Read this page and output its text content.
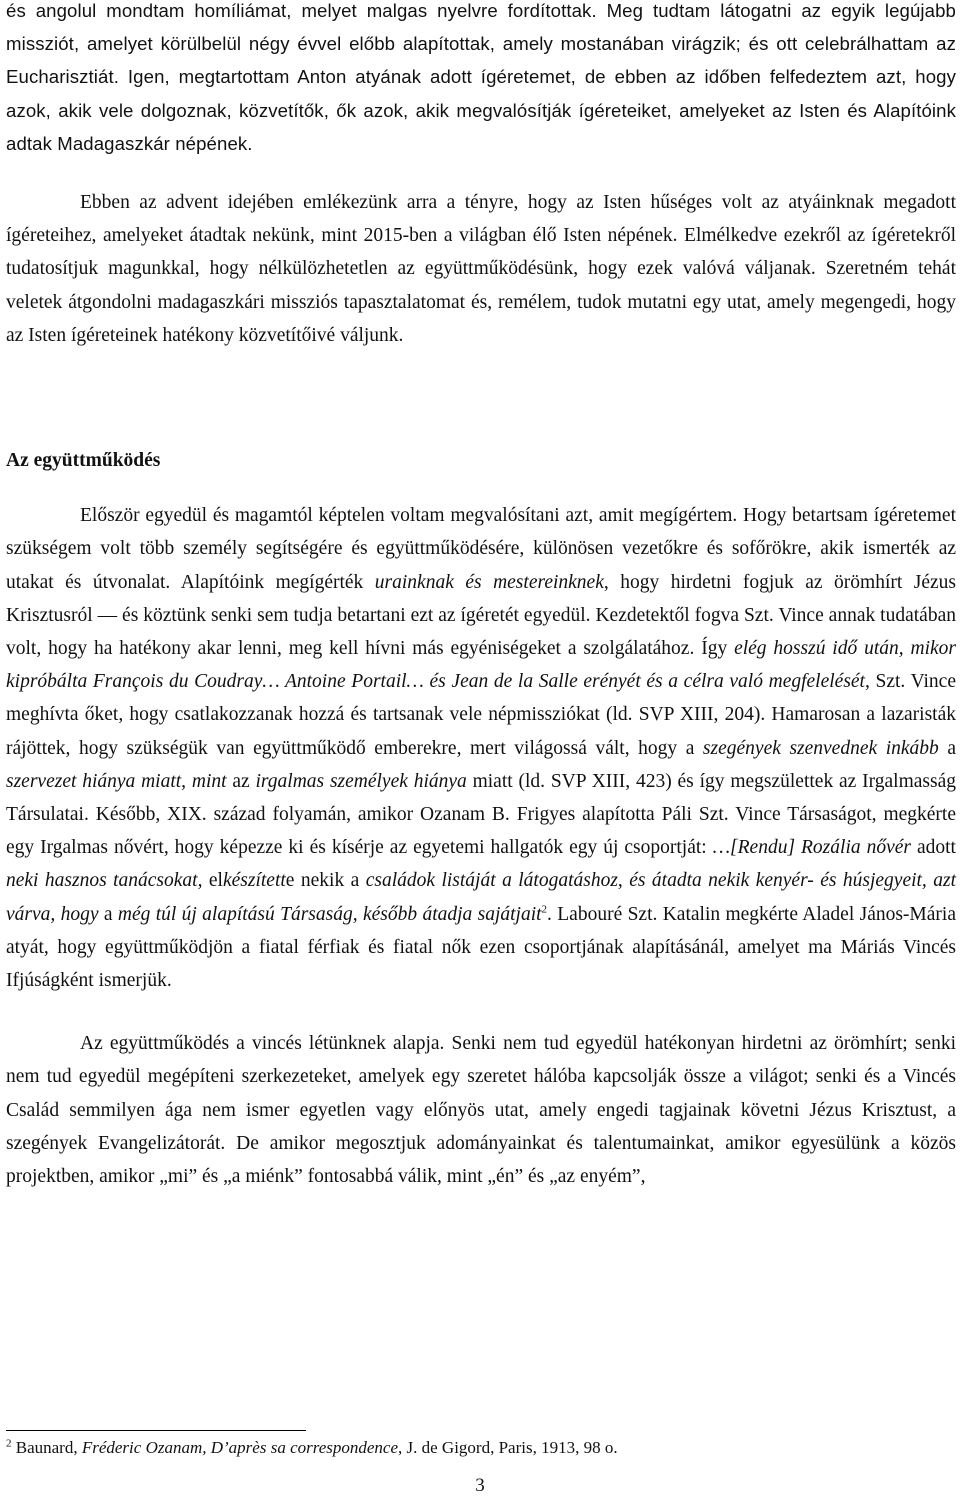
és angolul mondtam homíliámat, melyet malgas nyelvre fordítottak. Meg tudtam látogatni az egyik legújabb missziót, amelyet körülbelül négy évvel előbb alapítottak, amely mostanában virágzik; és ott celebrálhattam az Eucharisztiát. Igen, megtartottam Anton atyának adott ígéretemet, de ebben az időben felfedeztem azt, hogy azok, akik vele dolgoznak, közvetítők, ők azok, akik megvalósítják ígéreteiket, amelyeket az Isten és Alapítóink adtak Madagaszkár népének.

Ebben az advent idejében emlékezünk arra a tényre, hogy az Isten hűséges volt az atyáinknak megadott ígéreteihez, amelyeket átadtak nekünk, mint 2015-ben a világban élő Isten népének. Elmélkedve ezekről az ígéretekről tudatosítjuk magunkkal, hogy nélkülözhetetlen az együttműködésünk, hogy ezek valóvá váljanak. Szeretném tehát veletek átgondolni madagaszkári missziós tapasztalatomat és, remélem, tudok mutatni egy utat, amely megengedi, hogy az Isten ígéreteinek hatékony közvetítőivé váljunk.

Az együttműködés

Először egyedül és magamtól képtelen voltam megvalósítani azt, amit megígértem. Hogy betartsam ígéretemet szükségem volt több személy segítségére és együttműködésére, különösen vezetőkre és sofőrökre, akik ismerték az utakat és útvonalat. Alapítóink megígérték urainknak és mestereinknek, hogy hirdetni fogjuk az örömhírt Jézus Krisztusról — és köztünk senki sem tudja betartani ezt az ígéretét egyedül. Kezdetektől fogva Szt. Vince annak tudatában volt, hogy ha hatékony akar lenni, meg kell hívni más egyéniségeket a szolgálatához. Így elég hosszú idő után, mikor kipróbálta François du Coudray… Antoine Portail… és Jean de la Salle erényét és a célra való megfelelését, Szt. Vince meghívta őket, hogy csatlakozzanak hozzá és tartsanak vele népmissziókat (ld. SVP XIII, 204). Hamarosan a lazaristák rájöttek, hogy szükségük van együttműködő emberekre, mert világossá vált, hogy a szegények szenvednek inkább a szervezet hiánya miatt, mint az irgalmas személyek hiánya miatt (ld. SVP XIII, 423) és így megszülettek az Irgalmasság Társulatai. Később, XIX. század folyamán, amikor Ozanam B. Frigyes alapította Páli Szt. Vince Társaságot, megkérte egy Irgalmas nővért, hogy képezze ki és kísérje az egyetemi hallgatók egy új csoportját: …[Rendu] Rozália nővér adott neki hasznos tanácsokat, elkészítette nekik a családok listáját a látogatáshoz, és átadta nekik kenyér- és húsjegyeit, azt várva, hogy a még túl új alapítású Társaság, később átadja sajátjait$^2$. Labouré Szt. Katalin megkérte Aladel János-Mária atyát, hogy együttműködjön a fiatal férfiak és fiatal nők ezen csoportjának alapításánál, amelyet ma Máriás Vincés Ifjúságként ismerjük.

Az együttműködés a vincés létünknek alapja. Senki nem tud egyedül hatékonyan hirdetni az örömhírt; senki nem tud egyedül megépíteni szerkezeteket, amelyek egy szeretet hálóba kapcsolják össze a világot; senki és a Vincés Család semmilyen ága nem ismer egyetlen vagy előnyös utat, amely engedi tagjainak követni Jézus Krisztust, a szegények Evangelizátorát. De amikor megosztjuk adományainkat és talentumainkat, amikor egyesülünk a közös projektben, amikor „mi” és „a miénk” fontosabbá válik, mint „én” és „az enyém”,

$^2$ Baunard, Fréderic Ozanam, D’après sa correspondence, J. de Gigord, Paris, 1913, 98 o.
3
